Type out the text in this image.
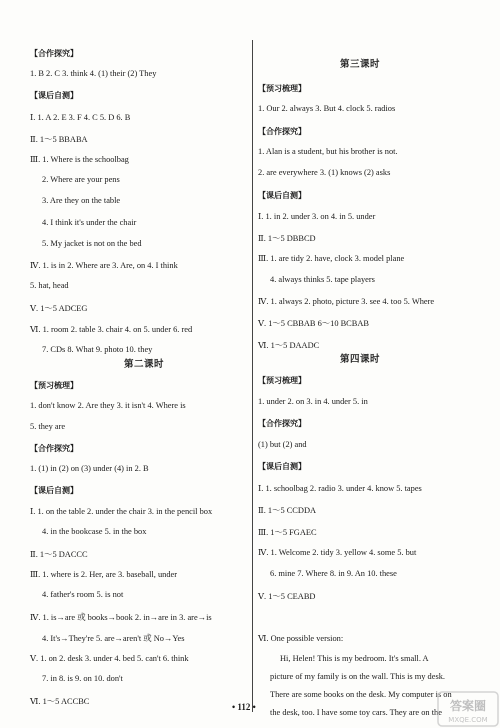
【合作探究】
1. B 2. C 3. think 4. (1) their (2) They
【课后自测】
Ⅰ. 1. A 2. E 3. F 4. C 5. D 6. B
Ⅱ. 1～5 BBABA
Ⅲ. 1. Where is the schoolbag
2. Where are your pens
3. Are they on the table
4. I think it's under the chair
5. My jacket is not on the bed
Ⅳ. 1. is in 2. Where are 3. Are, on 4. I think
5. hat, head
Ⅴ. 1～5 ADCEG
Ⅵ. 1. room 2. table 3. chair 4. on 5. under 6. red
7. CDs 8. What 9. photo 10. they
第二课时
【预习梳理】
1. don't know 2. Are they 3. it isn't 4. Where is
5. they are
【合作探究】
1. (1) in (2) on (3) under (4) in 2. B
【课后自测】
Ⅰ. 1. on the table 2. under the chair 3. in the pencil box
4. in the bookcase 5. in the box
Ⅱ. 1～5 DACCC
Ⅲ. 1. where is 2. Her, are 3. baseball, under
4. father's room 5. is not
Ⅳ. 1. is→are 或 books→book 2. in→are in 3. are→is
4. It's→They're 5. are→aren't 或 No→Yes
Ⅴ. 1. on 2. desk 3. under 4. bed 5. can't 6. think
7. in 8. is 9. on 10. don't
Ⅵ. 1～5 ACCBC
第三课时
【预习梳理】
1. Our 2. always 3. But 4. clock 5. radios
【合作探究】
1. Alan is a student, but his brother is not.
2. are everywhere 3. (1) knows (2) asks
【课后自测】
Ⅰ. 1. in 2. under 3. on 4. in 5. under
Ⅱ. 1～5 DBBCD
Ⅲ. 1. are tidy 2. have, clock 3. model plane
4. always thinks 5. tape players
Ⅳ. 1. always 2. photo, picture 3. see 4. too 5. Where
Ⅴ. 1～5 CBBAB 6～10 BCBAB
Ⅵ. 1～5 DAADC
第四课时
【预习梳理】
1. under 2. on 3. in 4. under 5. in
【合作探究】
(1) but (2) and
【课后自测】
Ⅰ. 1. schoolbag 2. radio 3. under 4. know 5. tapes
Ⅱ. 1～5 CCDDA
Ⅲ. 1～5 FGAEC
Ⅳ. 1. Welcome 2. tidy 3. yellow 4. some 5. but
6. mine 7. Where 8. in 9. An 10. these
Ⅴ. 1～5 CEABD
Ⅵ. One possible version:
Hi, Helen! This is my bedroom. It's small. A
picture of my family is on the wall. This is my desk.
There are some books on the desk. My computer is on
the desk, too. I have some toy cars. They are on the
• 112 •	答案圈
MXQE.COM
